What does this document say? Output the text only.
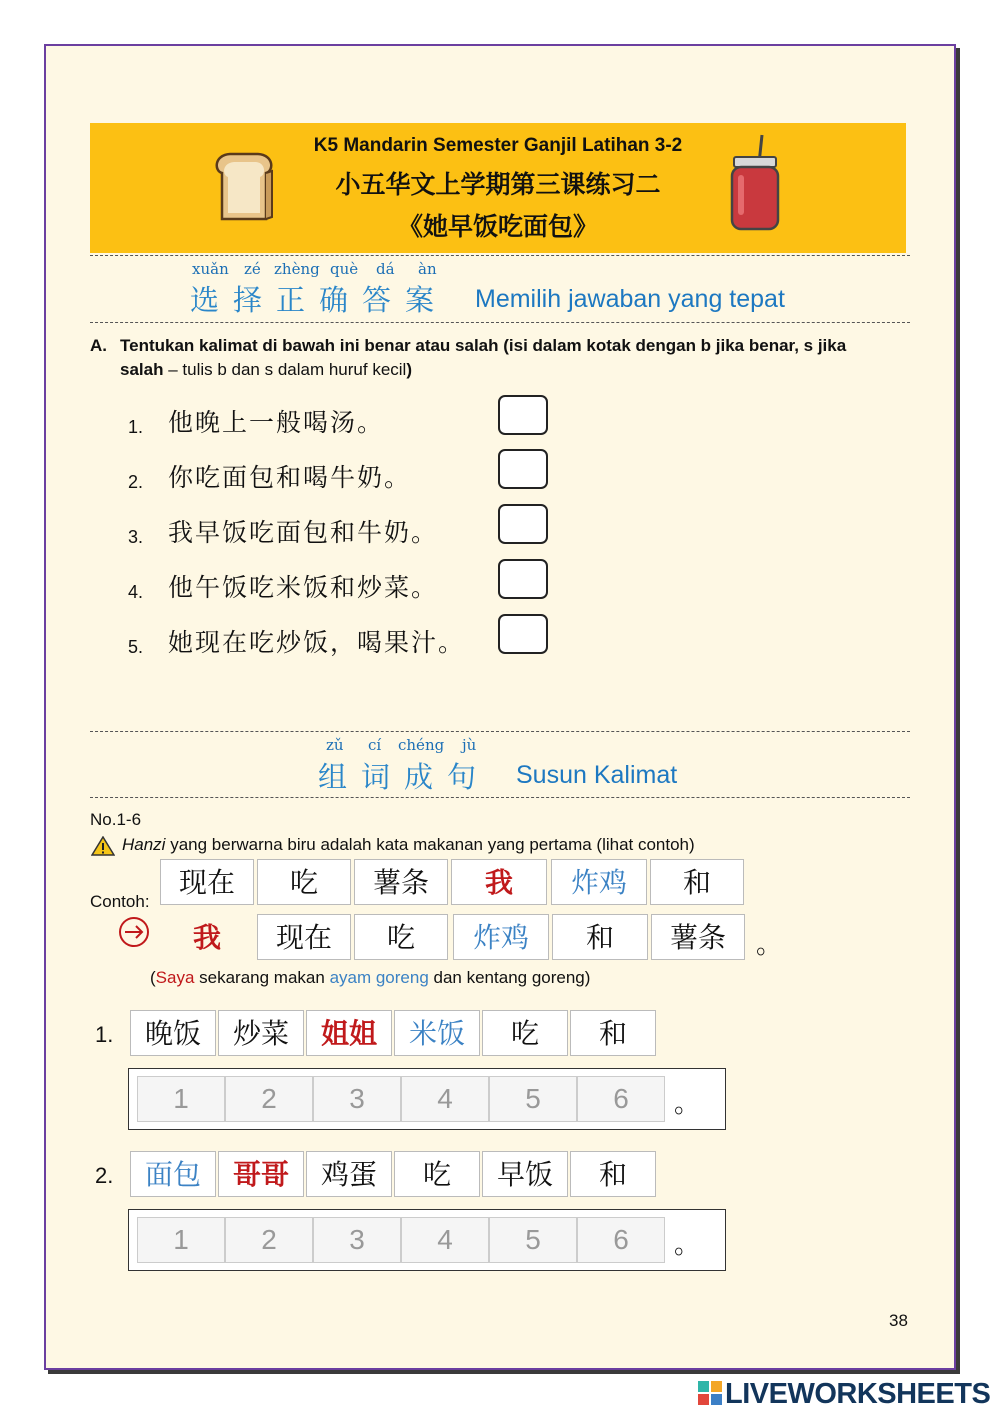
K5 Mandarin Semester Ganjil Latihan 3-2
小五华文上学期第三课练习二
《她早饭吃面包》
xuǎn zé zhèng què dá àn
选择正确答案 Memilih jawaban yang tepat
A. Tentukan kalimat di bawah ini benar atau salah (isi dalam kotak dengan b jika benar, s jika salah – tulis b dan s dalam huruf kecil)
1. 他晚上一般喝汤。
2. 你吃面包和喝牛奶。
3. 我早饭吃面包和牛奶。
4. 他午饭吃米饭和炒菜。
5. 她现在吃炒饭，喝果汁。
zǔ cí chéng jù
组词成句 Susun Kalimat
No.1-6
Hanzi yang berwarna biru adalah kata makanan yang pertama (lihat contoh)
Contoh:
现在	吃	薯条	我	炸鸡	和
我	现在	吃	炸鸡	和	薯条	。
(Saya sekarang makan ayam goreng dan kentang goreng)
1.	晚饭	炒菜	姐姐	米饭	吃	和
1	2	3	4	5	6	。
2.	面包	哥哥	鸡蛋	吃	早饭	和
1	2	3	4	5	6	。
38
LIVEWORKSHEETS
